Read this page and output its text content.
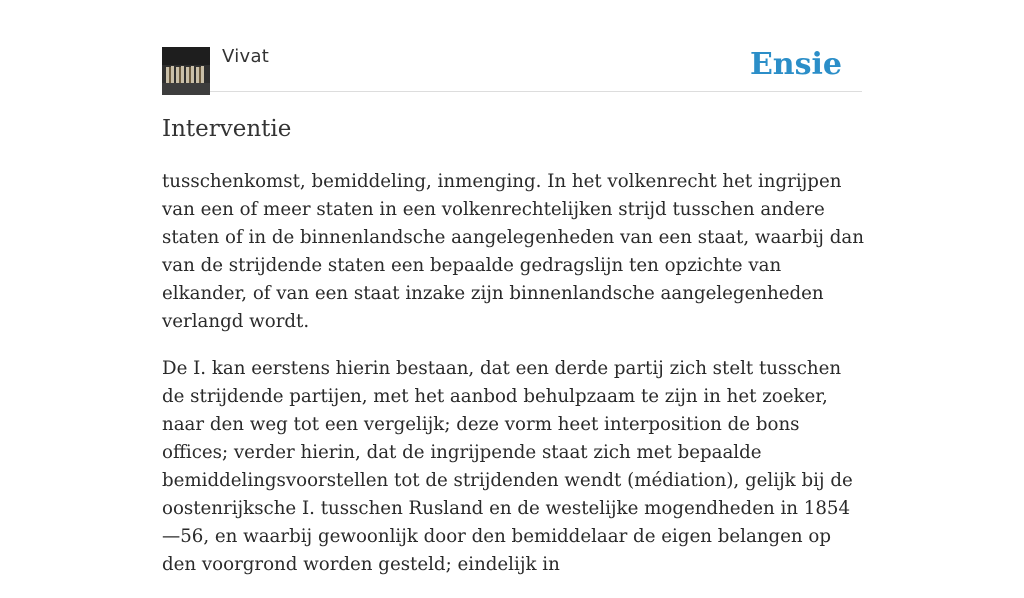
Vivat	Ensie
Interventie

tusschenkomst, bemiddeling, inmenging. In het volkenrecht het ingrijpen van een of meer staten in een volkenrechtelijken strijd tusschen andere staten of in de binnenlandsche aangelegenheden van een staat, waarbij dan van de strijdende staten een bepaalde gedragslijn ten opzichte van elkander, of van een staat inzake zijn binnenlandsche aangelegenheden verlangd wordt.

De I. kan eerstens hierin bestaan, dat een derde partij zich stelt tusschen de strijdende partijen, met het aanbod behulpzaam te zijn in het zoeker, naar den weg tot een vergelijk; deze vorm heet interposition de bons offices; verder hierin, dat de ingrijpende staat zich met bepaalde bemiddelingsvoorstellen tot de strijdenden wendt (médiation), gelijk bij de oostenrijksche I. tusschen Rusland en de westelijke mogendheden in 1854—56, en waarbij gewoonlijk door den bemiddelaar de eigen belangen op den voorgrond worden gesteld; eindelijk in
